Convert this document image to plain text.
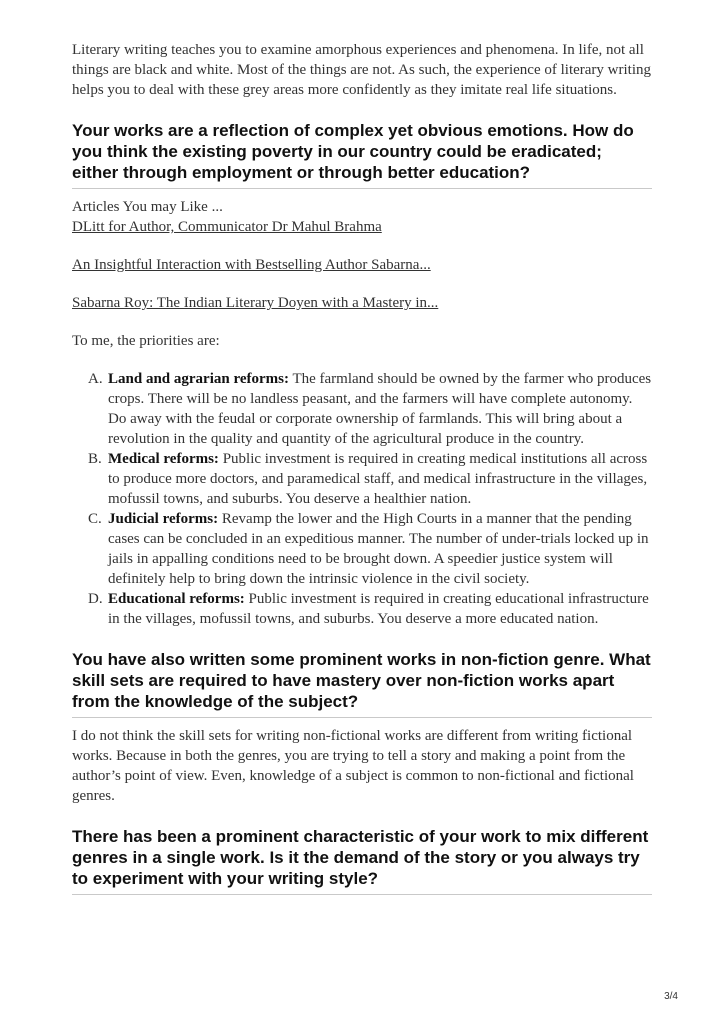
Literary writing teaches you to examine amorphous experiences and phenomena. In life, not all things are black and white. Most of the things are not. As such, the experience of literary writing helps you to deal with these grey areas more confidently as they imitate real life situations.

Your works are a reflection of complex yet obvious emotions. How do you think the existing poverty in our country could be eradicated; either through employment or through better education?

Articles You may Like ...

DLitt for Author, Communicator Dr Mahul Brahma
An Insightful Interaction with Bestselling Author Sabarna...
Sabarna Roy: The Indian Literary Doyen with a Mastery in...

To me, the priorities are:

A. Land and agrarian reforms: The farmland should be owned by the farmer who produces crops. There will be no landless peasant, and the farmers will have complete autonomy. Do away with the feudal or corporate ownership of farmlands. This will bring about a revolution in the quality and quantity of the agricultural produce in the country.
B. Medical reforms: Public investment is required in creating medical institutions all across to produce more doctors, and paramedical staff, and medical infrastructure in the villages, mofussil towns, and suburbs. You deserve a healthier nation.
C. Judicial reforms: Revamp the lower and the High Courts in a manner that the pending cases can be concluded in an expeditious manner. The number of under-trials locked up in jails in appalling conditions need to be brought down. A speedier justice system will definitely help to bring down the intrinsic violence in the civil society.
D. Educational reforms: Public investment is required in creating educational infrastructure in the villages, mofussil towns, and suburbs. You deserve a more educated nation.
You have also written some prominent works in non-fiction genre. What skill sets are required to have mastery over non-fiction works apart from the knowledge of the subject?

I do not think the skill sets for writing non-fictional works are different from writing fictional works. Because in both the genres, you are trying to tell a story and making a point from the author’s point of view. Even, knowledge of a subject is common to non-fictional and fictional genres.

There has been a prominent characteristic of your work to mix different genres in a single work. Is it the demand of the story or you always try to experiment with your writing style?
3/4
